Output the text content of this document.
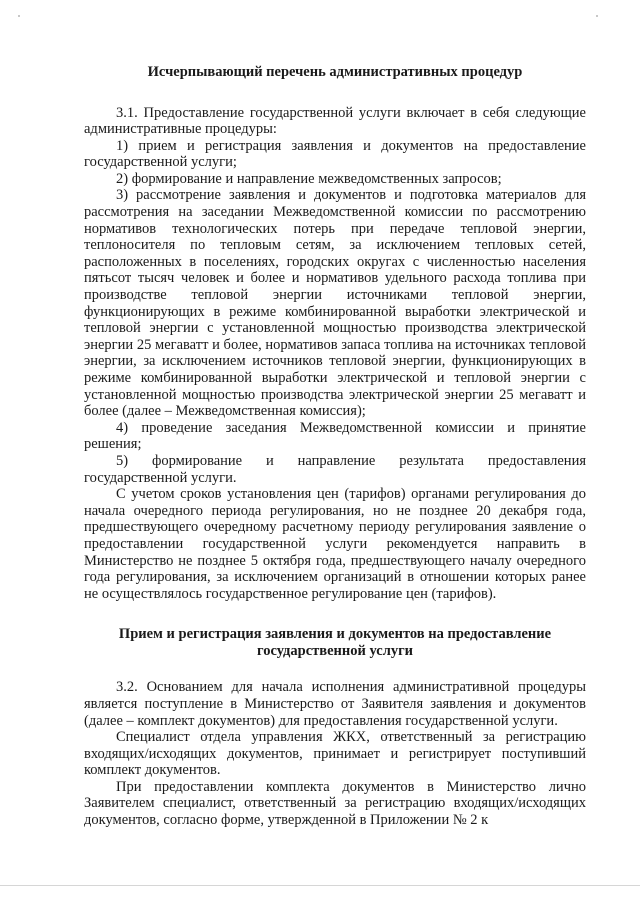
Исчерпывающий перечень административных процедур

3.1. Предоставление государственной услуги включает в себя следующие административные процедуры:

1) прием и регистрация заявления и документов на предоставление государственной услуги;

2) формирование и направление межведомственных запросов;

3) рассмотрение заявления и документов и подготовка материалов для рассмотрения на заседании Межведомственной комиссии по рассмотрению нормативов технологических потерь при передаче тепловой энергии, теплоносителя по тепловым сетям, за исключением тепловых сетей, расположенных в поселениях, городских округах с численностью населения пятьсот тысяч человек и более и нормативов удельного расхода топлива при производстве тепловой энергии источниками тепловой энергии, функционирующих в режиме комбинированной выработки электрической и тепловой энергии с установленной мощностью производства электрической энергии 25 мегаватт и более, нормативов запаса топлива на источниках тепловой энергии, за исключением источников тепловой энергии, функционирующих в режиме комбинированной выработки электрической и тепловой энергии с установленной мощностью производства электрической энергии 25 мегаватт и более (далее – Межведомственная комиссия);

4) проведение заседания Межведомственной комиссии и принятие решения;

5) формирование и направление результата предоставления государственной услуги.

С учетом сроков установления цен (тарифов) органами регулирования до начала очередного периода регулирования, но не позднее 20 декабря года, предшествующего очередному расчетному периоду регулирования заявление о предоставлении государственной услуги рекомендуется направить в Министерство не позднее 5 октября года, предшествующего началу очередного года регулирования, за исключением организаций в отношении которых ранее не осуществлялось государственное регулирование цен (тарифов).

Прием и регистрация заявления и документов на предоставление государственной услуги

3.2. Основанием для начала исполнения административной процедуры является поступление в Министерство от Заявителя заявления и документов (далее – комплект документов) для предоставления государственной услуги.

Специалист отдела управления ЖКХ, ответственный за регистрацию входящих/исходящих документов, принимает и регистрирует поступивший комплект документов.

При предоставлении комплекта документов в Министерство лично Заявителем специалист, ответственный за регистрацию входящих/исходящих документов, согласно форме, утвержденной в Приложении № 2 к
